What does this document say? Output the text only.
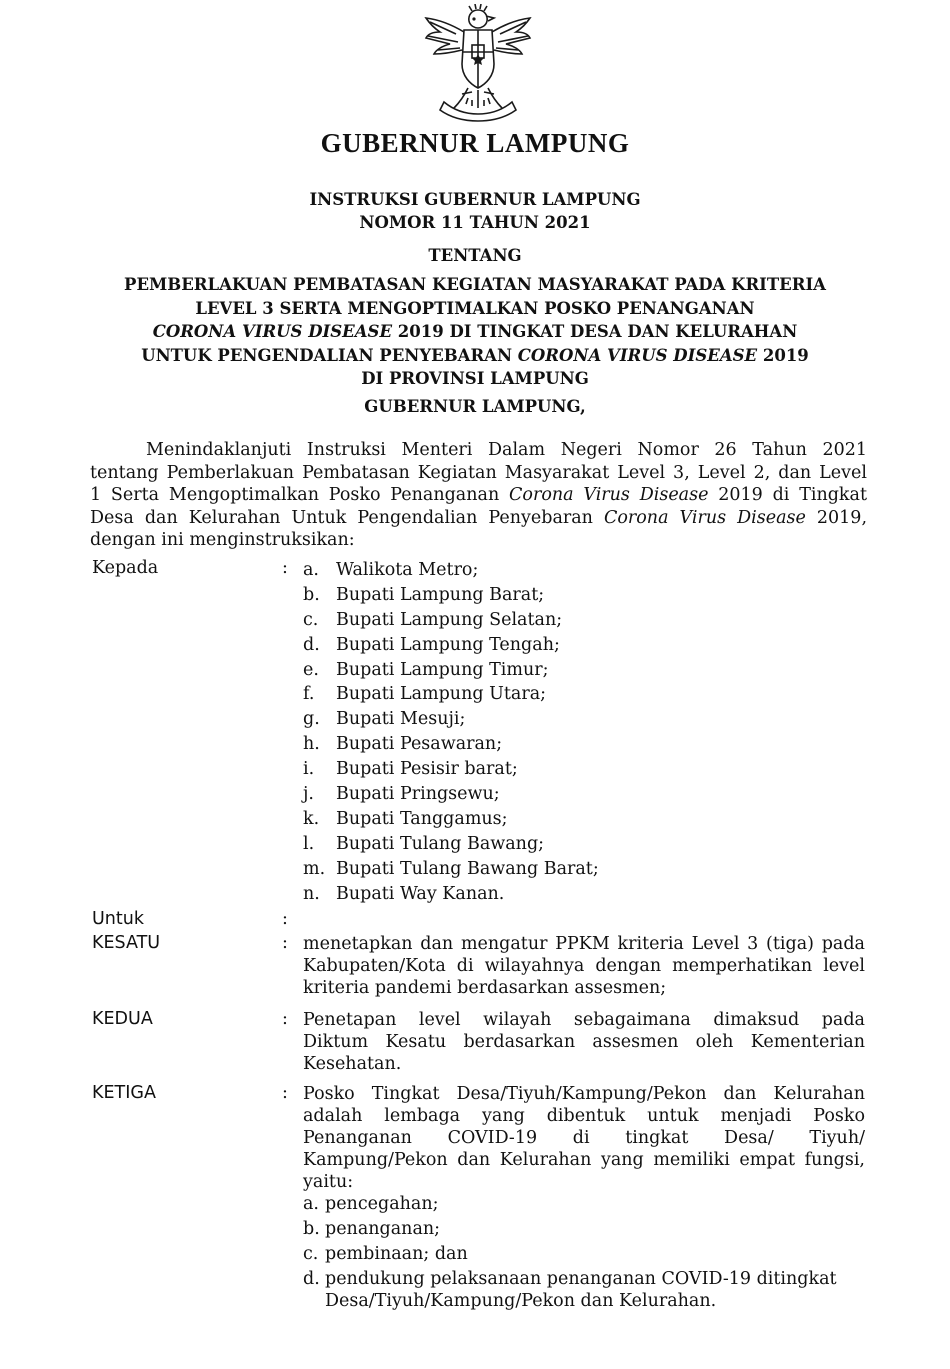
GUBERNUR LAMPUNG
INSTRUKSI GUBERNUR LAMPUNG
NOMOR 11 TAHUN 2021
TENTANG
PEMBERLAKUAN PEMBATASAN KEGIATAN MASYARAKAT PADA KRITERIA
LEVEL 3 SERTA MENGOPTIMALKAN POSKO PENANGANAN
CORONA VIRUS DISEASE 2019 DI TINGKAT DESA DAN KELURAHAN
UNTUK PENGENDALIAN PENYEBARAN CORONA VIRUS DISEASE 2019
DI PROVINSI LAMPUNG
GUBERNUR LAMPUNG,
Menindaklanjuti Instruksi Menteri Dalam Negeri Nomor 26 Tahun 2021
tentang Pemberlakuan Pembatasan Kegiatan Masyarakat Level 3, Level 2, dan Level
1 Serta Mengoptimalkan Posko Penanganan Corona Virus Disease 2019 di Tingkat
Desa dan Kelurahan Untuk Pengendalian Penyebaran Corona Virus Disease 2019,
dengan ini menginstruksikan:
Kepada	: a. Walikota Metro;
b. Bupati Lampung Barat;
c. Bupati Lampung Selatan;
d. Bupati Lampung Tengah;
e. Bupati Lampung Timur;
f. Bupati Lampung Utara;
g. Bupati Mesuji;
h. Bupati Pesawaran;
i. Bupati Pesisir barat;
j. Bupati Pringsewu;
k. Bupati Tanggamus;
l. Bupati Tulang Bawang;
m. Bupati Tulang Bawang Barat;
n. Bupati Way Kanan.
Untuk	:
KESATU	: menetapkan dan mengatur PPKM kriteria Level 3 (tiga) pada
Kabupaten/Kota di wilayahnya dengan memperhatikan level
kriteria pandemi berdasarkan assesmen;
KEDUA	: Penetapan level wilayah sebagaimana dimaksud pada
Diktum Kesatu berdasarkan assesmen oleh Kementerian
Kesehatan.
KETIGA	: Posko Tingkat Desa/Tiyuh/Kampung/Pekon dan Kelurahan
adalah lembaga yang dibentuk untuk menjadi Posko
Penanganan COVID-19 di tingkat Desa/ Tiyuh/
Kampung/Pekon dan Kelurahan yang memiliki empat fungsi,
yaitu:
a. pencegahan;
b. penanganan;
c. pembinaan; dan
d. pendukung pelaksanaan penanganan COVID-19 ditingkat
Desa/Tiyuh/Kampung/Pekon dan Kelurahan.
